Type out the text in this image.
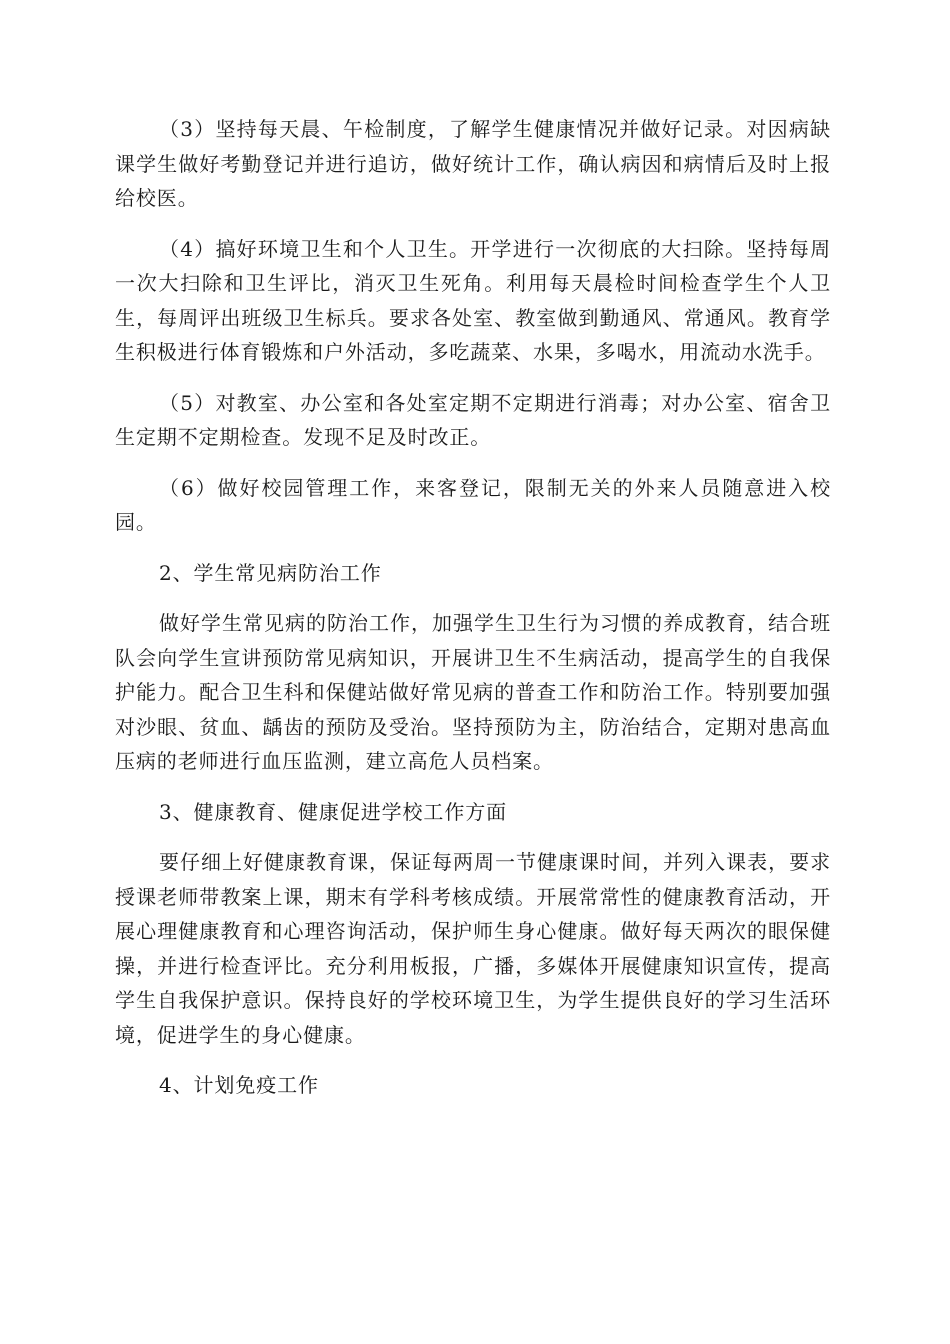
（3）坚持每天晨、午检制度，了解学生健康情况并做好记录。对因病缺课学生做好考勤登记并进行追访，做好统计工作，确认病因和病情后及时上报给校医。

（4）搞好环境卫生和个人卫生。开学进行一次彻底的大扫除。坚持每周一次大扫除和卫生评比，消灭卫生死角。利用每天晨检时间检查学生个人卫生，每周评出班级卫生标兵。要求各处室、教室做到勤通风、常通风。教育学生积极进行体育锻炼和户外活动，多吃蔬菜、水果，多喝水，用流动水洗手。

（5）对教室、办公室和各处室定期不定期进行消毒；对办公室、宿舍卫生定期不定期检查。发现不足及时改正。

（6）做好校园管理工作，来客登记，限制无关的外来人员随意进入校园。

2、学生常见病防治工作

做好学生常见病的防治工作，加强学生卫生行为习惯的养成教育，结合班队会向学生宣讲预防常见病知识，开展讲卫生不生病活动，提高学生的自我保护能力。配合卫生科和保健站做好常见病的普查工作和防治工作。特别要加强对沙眼、贫血、龋齿的预防及受治。坚持预防为主，防治结合，定期对患高血压病的老师进行血压监测，建立高危人员档案。

3、健康教育、健康促进学校工作方面

要仔细上好健康教育课，保证每两周一节健康课时间，并列入课表，要求授课老师带教案上课，期末有学科考核成绩。开展常常性的健康教育活动，开展心理健康教育和心理咨询活动，保护师生身心健康。做好每天两次的眼保健操，并进行检查评比。充分利用板报，广播，多媒体开展健康知识宣传，提高学生自我保护意识。保持良好的学校环境卫生，为学生提供良好的学习生活环境，促进学生的身心健康。

4、计划免疫工作
